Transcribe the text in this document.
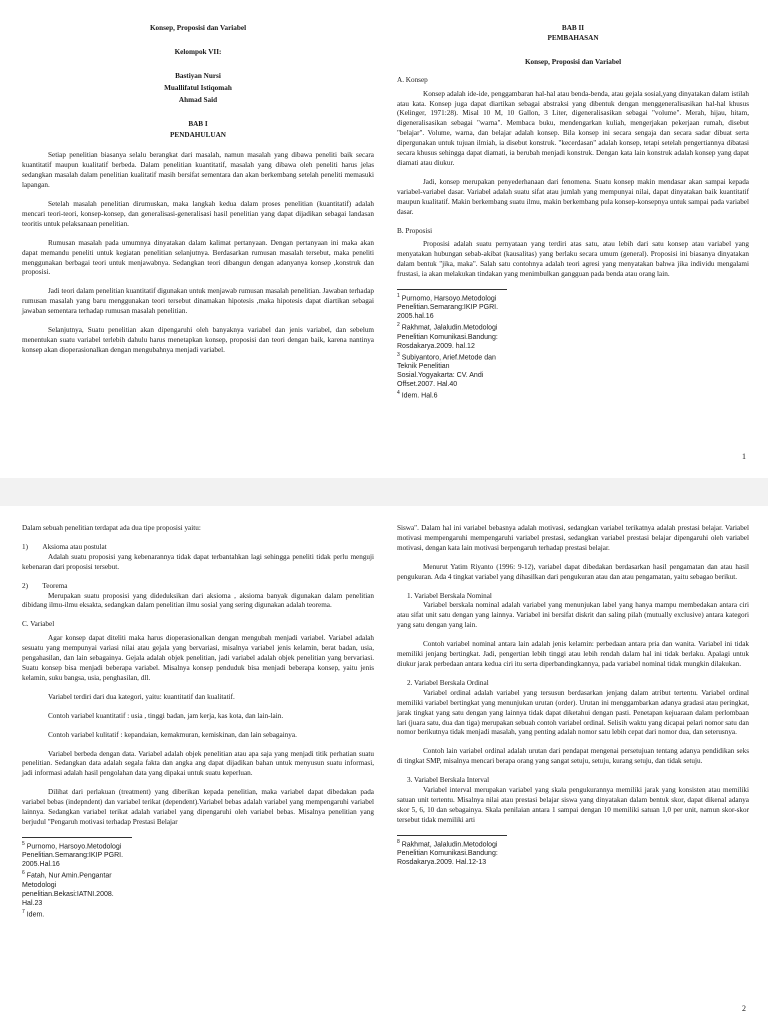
Konsep, Proposisi dan Variabel
Kelompok VII:
Bastiyan Nursi
Muallifatul Istiqomah
Ahmad Said
BAB I
PENDAHULUAN

Setiap penelitian biasanya selalu berangkat dari masalah, namun masalah yang dibawa peneliti baik secara kuantitatif maupun kualitatif berbeda. Dalam penelitian kuantitatif, masalah yang dibawa oleh peneliti harus jelas sedangkan masalah dalam penelitian kualitatif masih bersifat sementara dan akan berkembang setelah peneliti memasuki lapangan.

Setelah masalah penelitian dirumuskan, maka langkah kedua dalam proses penelitian (kuantitatif) adalah mencari teori-teori, konsep-konsep, dan generalisasi-generalisasi hasil penelitian yang dapat dijadikan sebagai landasan teoritis untuk pelaksanaan penelitian.

Rumusan masalah pada umumnya dinyatakan dalam kalimat pertanyaan. Dengan pertanyaan ini maka akan dapat memandu peneliti untuk kegiatan penelitian selanjutnya. Berdasarkan rumusan masalah tersebut, maka peneliti menggunakan berbagai teori untuk menjawabnya. Sedangkan teori dibangun dengan adanyanya konsep ,konstruk dan proposisi.

Jadi teori dalam penelitian kuantitatif digunakan untuk menjawab rumusan masalah penelitian. Jawaban terhadap rumusan masalah yang baru menggunakan teori tersebut dinamakan hipotesis ,maka hipotesis dapat diartikan sebagai jawaban sementara terhadap rumusan masalah penelitian.

Selanjutnya, Suatu penelitian akan dipengaruhi oleh banyaknya variabel dan jenis variabel, dan sebelum menentukan suatu variabel terlebih dahulu harus menetapkan konsep, proposisi dan teori dengan baik, karena nantinya konsep akan dioperasionalkan dengan mengubahnya menjadi variabel.

BAB II
PEMBAHASAN
Konsep, Proposisi dan Variabel
A. Konsep

Konsep adalah ide-ide, penggambaran hal-hal atau benda-benda, atau gejala sosial,yang dinyatakan dalam istilah atau kata. Konsep juga dapat diartikan sebagai abstraksi yang dibentuk dengan menggeneralisasikan hal-hal khusus (Kelinger, 1971:28). Misal 10 M, 10 Gallon, 3 Liter, digeneralisasikan sebagai "volume". Merah, hijau, hitam, digeneralisasikan sebagai "warna". Membaca buku, mendengarkan kuliah, mengerjakan pekerjaan rumah, disebut "belajar". Volume, warna, dan belajar adalah konsep. Bila konsep ini secara sengaja dan secara sadar dibuat serta dipergunakan untuk tujuan ilmiah, ia disebut konstruk. "kecerdasan" adalah konsep, tetapi setelah pengertiannya dibatasi secara khusus sehingga dapat diamati, ia berubah menjadi konstruk. Dengan kata lain konstruk adalah konsep yang dapat diamati atau diukur.

Jadi, konsep merupakan penyederhanaan dari fenomena. Suatu konsep makin mendasar akan sampai kepada variabel-variabel dasar. Variabel adalah suatu sifat atau jumlah yang mempunyai nilai, dapat dinyatakan baik kuantitatif maupun kualitatif. Makin berkembang suatu ilmu, makin berkembang pula konsep-konsepnya untuk sampai pada variabel dasar.

B. Proposisi

Proposisi adalah suatu pernyataan yang terdiri atas satu, atau lebih dari satu konsep atau variabel yang menyatakan hubungan sebab-akibat (kausalitas) yang berlaku secara umum (general). Proposisi ini biasanya dinyatakan dalam bentuk "jika, maka". Salah satu contohnya adalah teori agresi yang menyatakan bahwa jika individu mengalami frustasi, ia akan melakukan tindakan yang menimbulkan gangguan pada benda atau orang lain.

$^1$ Purnomo, Harsoyo.Metodologi Penelitian.Semarang:IKIP PGRI. 2005.hal.16
$^2$ Rakhmat, Jalaludin.Metodologi Penelitian Komunikasi.Bandung: Rosdakarya.2009. hal.12
$^3$ Subiyantoro, Arief.Metode dan Teknik Penelitian Sosial.Yogyakarta: CV. Andi Offset.2007. Hal.40
$^4$ Idem. Hal.6
1

Dalam sebuah penelitian terdapat ada dua tipe proposisi yaitu:

1) Aksioma atau postulat

Adalah suatu proposisi yang kebenarannya tidak dapat terbantahkan lagi sehingga peneliti tidak perlu menguji kebenaran dari proposisi tersebut.

2) Teorema

Merupakan suatu proposisi yang dideduksikan dari aksioma , aksioma banyak digunakan dalam penelitian dibidang ilmu-ilmu eksakta, sedangkan dalam penelitian ilmu sosial yang sering digunakan adalah teorema.

C. Variabel

Agar konsep dapat diteliti maka harus dioperasionalkan dengan mengubah menjadi variabel. Variabel adalah sesuatu yang mempunyai variasi nilai atau gejala yang bervariasi, misalnya variabel jenis kelamin, berat badan, usia, pengahasilan, dan lain sebagainya. Gejala adalah objek penelitian, jadi variabel adalah objek penelitian yang bervariasi. Suatu konsep bisa menjadi beberapa variabel. Misalnya konsep penduduk bisa menjadi beberapa konsep, yaitu jenis kelamin, suku bangsa, usia, penghasilan, dll.

Variabel terdiri dari dua kategori, yaitu: kuantitatif dan kualitatif.

Contoh variabel kuantitatif : usia , tinggi badan, jam kerja, kas kota, dan lain-lain.

Contoh variabel kulitatif : kepandaian, kemakmuran, kemiskinan, dan lain sebagainya.

Variabel berbeda dengan data. Variabel adalah objek penelitian atau apa saja yang menjadi titik perhatian suatu penelitian. Sedangkan data adalah segala fakta dan angka ang dapat dijadikan bahan untuk menyusun suatu informasi, jadi informasi adalah hasil pengolahan data yang dipakai untuk suatu keperluan.

Dilihat dari perlakuan (treatment) yang diberikan kepada penelitian, maka variabel dapat dibedakan pada variabel bebas (indepndent) dan variabel terikat (dependent).Variabel bebas adalah variabel yang mempengaruhi variabel lainnya. Sedangkan variabel terikat adalah variabel yang dipengaruhi oleh variabel bebas. Misalnya penelitian yang berjudul "Pengaruh motivasi terhadap Prestasi Belajar

$^5$ Purnomo, Harsoyo.Metodologi Penelitian.Semarang:IKIP PGRI. 2005.Hal.16
$^6$ Fatah, Nur Amin.Pengantar Metodologi penelitian.Bekasi:IATNI.2008. Hal.23
$^7$ Idem.

Siswa". Dalam hal ini variabel bebasnya adalah motivasi, sedangkan variabel terikatnya adalah prestasi belajar. Variabel motivasi mempengaruhi mempengaruhi variabel prestasi, sedangkan variabel prestasi belajar dipengaruhi oleh variabel motivasi, dengan kata lain motivasi berpengaruh terhadap prestasi belajar.

Menurut Yatim Riyanto (1996: 9-12), variabel dapat dibedakan berdasarkan hasil pengamatan dan atau hasil pengukuran. Ada 4 tingkat variabel yang dihasilkan dari pengukuran atau dan atau pengamatan, yaitu sebagao berikut.

1. Variabel Berskala Nominal

Variabel berskala nominal adalah variabel yang menunjukan label yang hanya mampu membedakan antara ciri atau sifat unit satu dengan yang lainnya. Variabel ini bersifat diskrit dan saling pilah (mutually exclusive) antara kategori yang satu dengan yang lain.

Contoh variabel nominal antara lain adalah jenis kelamin: perbedaan antara pria dan wanita. Variabel ini tidak memiliki jenjang bertingkat. Jadi, pengertian lebih tinggi atau lebih rendah dalam hal ini tidak berlaku. Apalagi untuk diukur jarak perbedaan antara kedua ciri itu serta diperbandingkannya, pada variabel nominal tidak mungkin dilakukan.

2. Variabel Berskala Ordinal

Variabel ordinal adalah variabel yang tersusun berdasarkan jenjang dalam atribut tertentu. Variabel ordinal memiliki variabel bertingkat yang menunjukan urutan (order). Urutan ini menggambarkan adanya gradasi atau peringkat, jarak tingkat yang satu dengan yang lainnya tidak dapat diketahui dengan pasti. Penetapan kejuaraan dalam perlombaan lari (juara satu, dua dan tiga) merupakan sebuah contoh variabel ordinal. Selisih waktu yang dicapai pelari nomor satu dan nomor berikutnya tidak menjadi masalah, yang penting adalah nomor satu lebih cepat dari nomor dua, dan seterusnya.

Contoh lain variabel ordinal adalah urutan dari pendapat mengenai persetujuan tentang adanya pendidikan seks di tingkat SMP, misalnya mencari berapa orang yang sangat setuju, setuju, kurang setuju, dan tidak setuju.

3. Variabel Berskala Interval

Variabel interval merupakan variabel yang skala pengukurannya memiliki jarak yang konsisten atau memiliki satuan unit tertentu. Misalnya nilai atau prestasi belajar siswa yang dinyatakan dalam bentuk skor, dapat dikenal adanya skor 5, 6, 10 dan sebagainya. Skala penilaian antara 1 sampai dengan 10 memiliki satuan 1,0 per unit, namun skor-skor tersebut tidak memiliki arti

$^8$ Rakhmat, Jalaludin.Metodologi Penelitian Komunikasi.Bandung: Rosdakarya.2009. Hal.12-13
2
